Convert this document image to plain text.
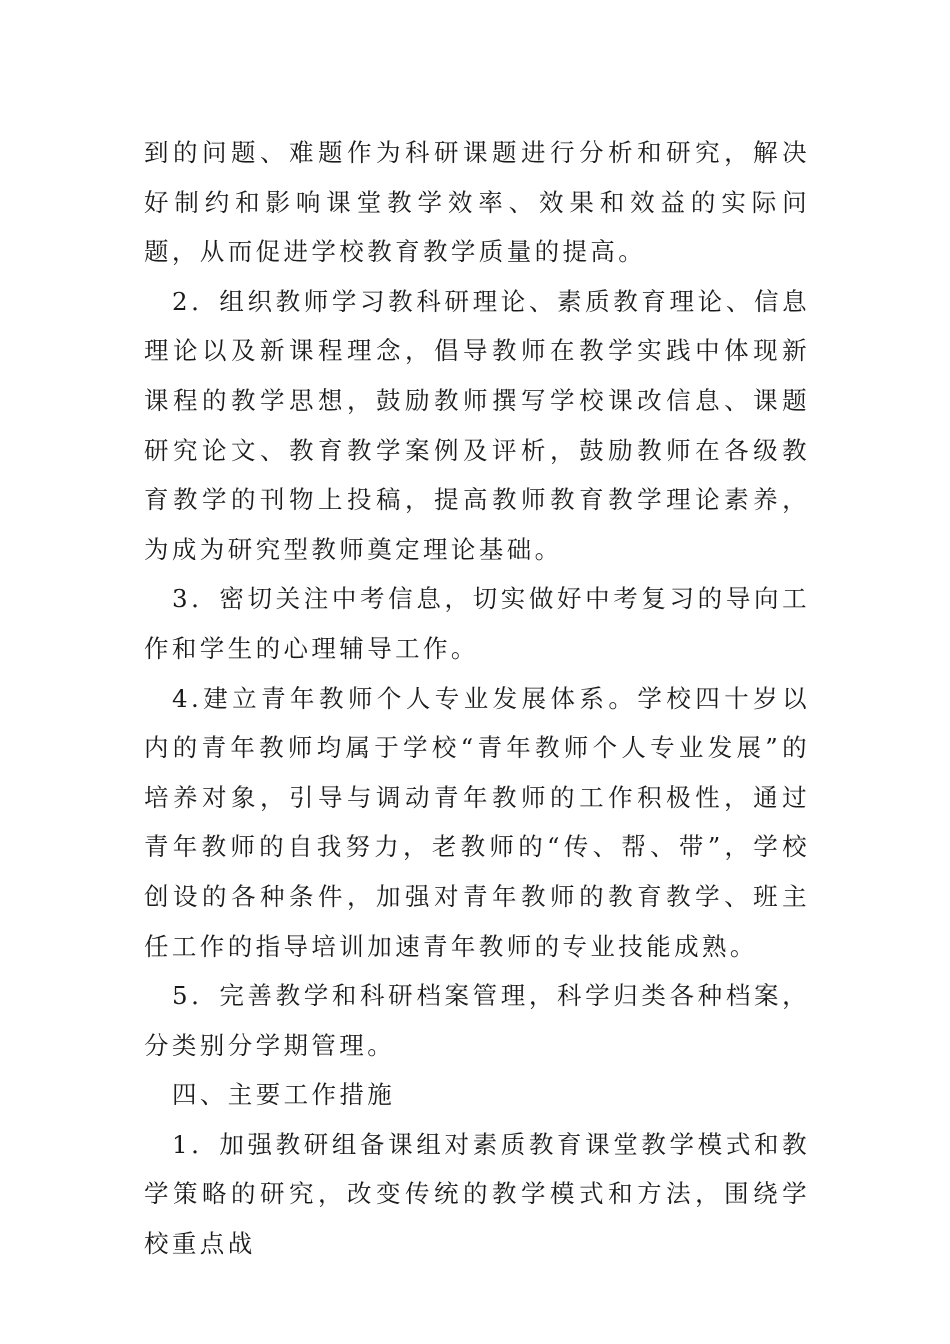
到的问题、难题作为科研课题进行分析和研究，解决好制约和影响课堂教学效率、效果和效益的实际问题，从而促进学校教育教学质量的提高。

2．组织教师学习教科研理论、素质教育理论、信息理论以及新课程理念，倡导教师在教学实践中体现新课程的教学思想，鼓励教师撰写学校课改信息、课题研究论文、教育教学案例及评析，鼓励教师在各级教育教学的刊物上投稿，提高教师教育教学理论素养，为成为研究型教师奠定理论基础。

3．密切关注中考信息，切实做好中考复习的导向工作和学生的心理辅导工作。

4.建立青年教师个人专业发展体系。学校四十岁以内的青年教师均属于学校“青年教师个人专业发展”的培养对象，引导与调动青年教师的工作积极性，通过青年教师的自我努力，老教师的“传、帮、带”，学校创设的各种条件，加强对青年教师的教育教学、班主任工作的指导培训加速青年教师的专业技能成熟。

5．完善教学和科研档案管理，科学归类各种档案，分类别分学期管理。

四、主要工作措施

1．加强教研组备课组对素质教育课堂教学模式和教学策略的研究，改变传统的教学模式和方法，围绕学校重点战
